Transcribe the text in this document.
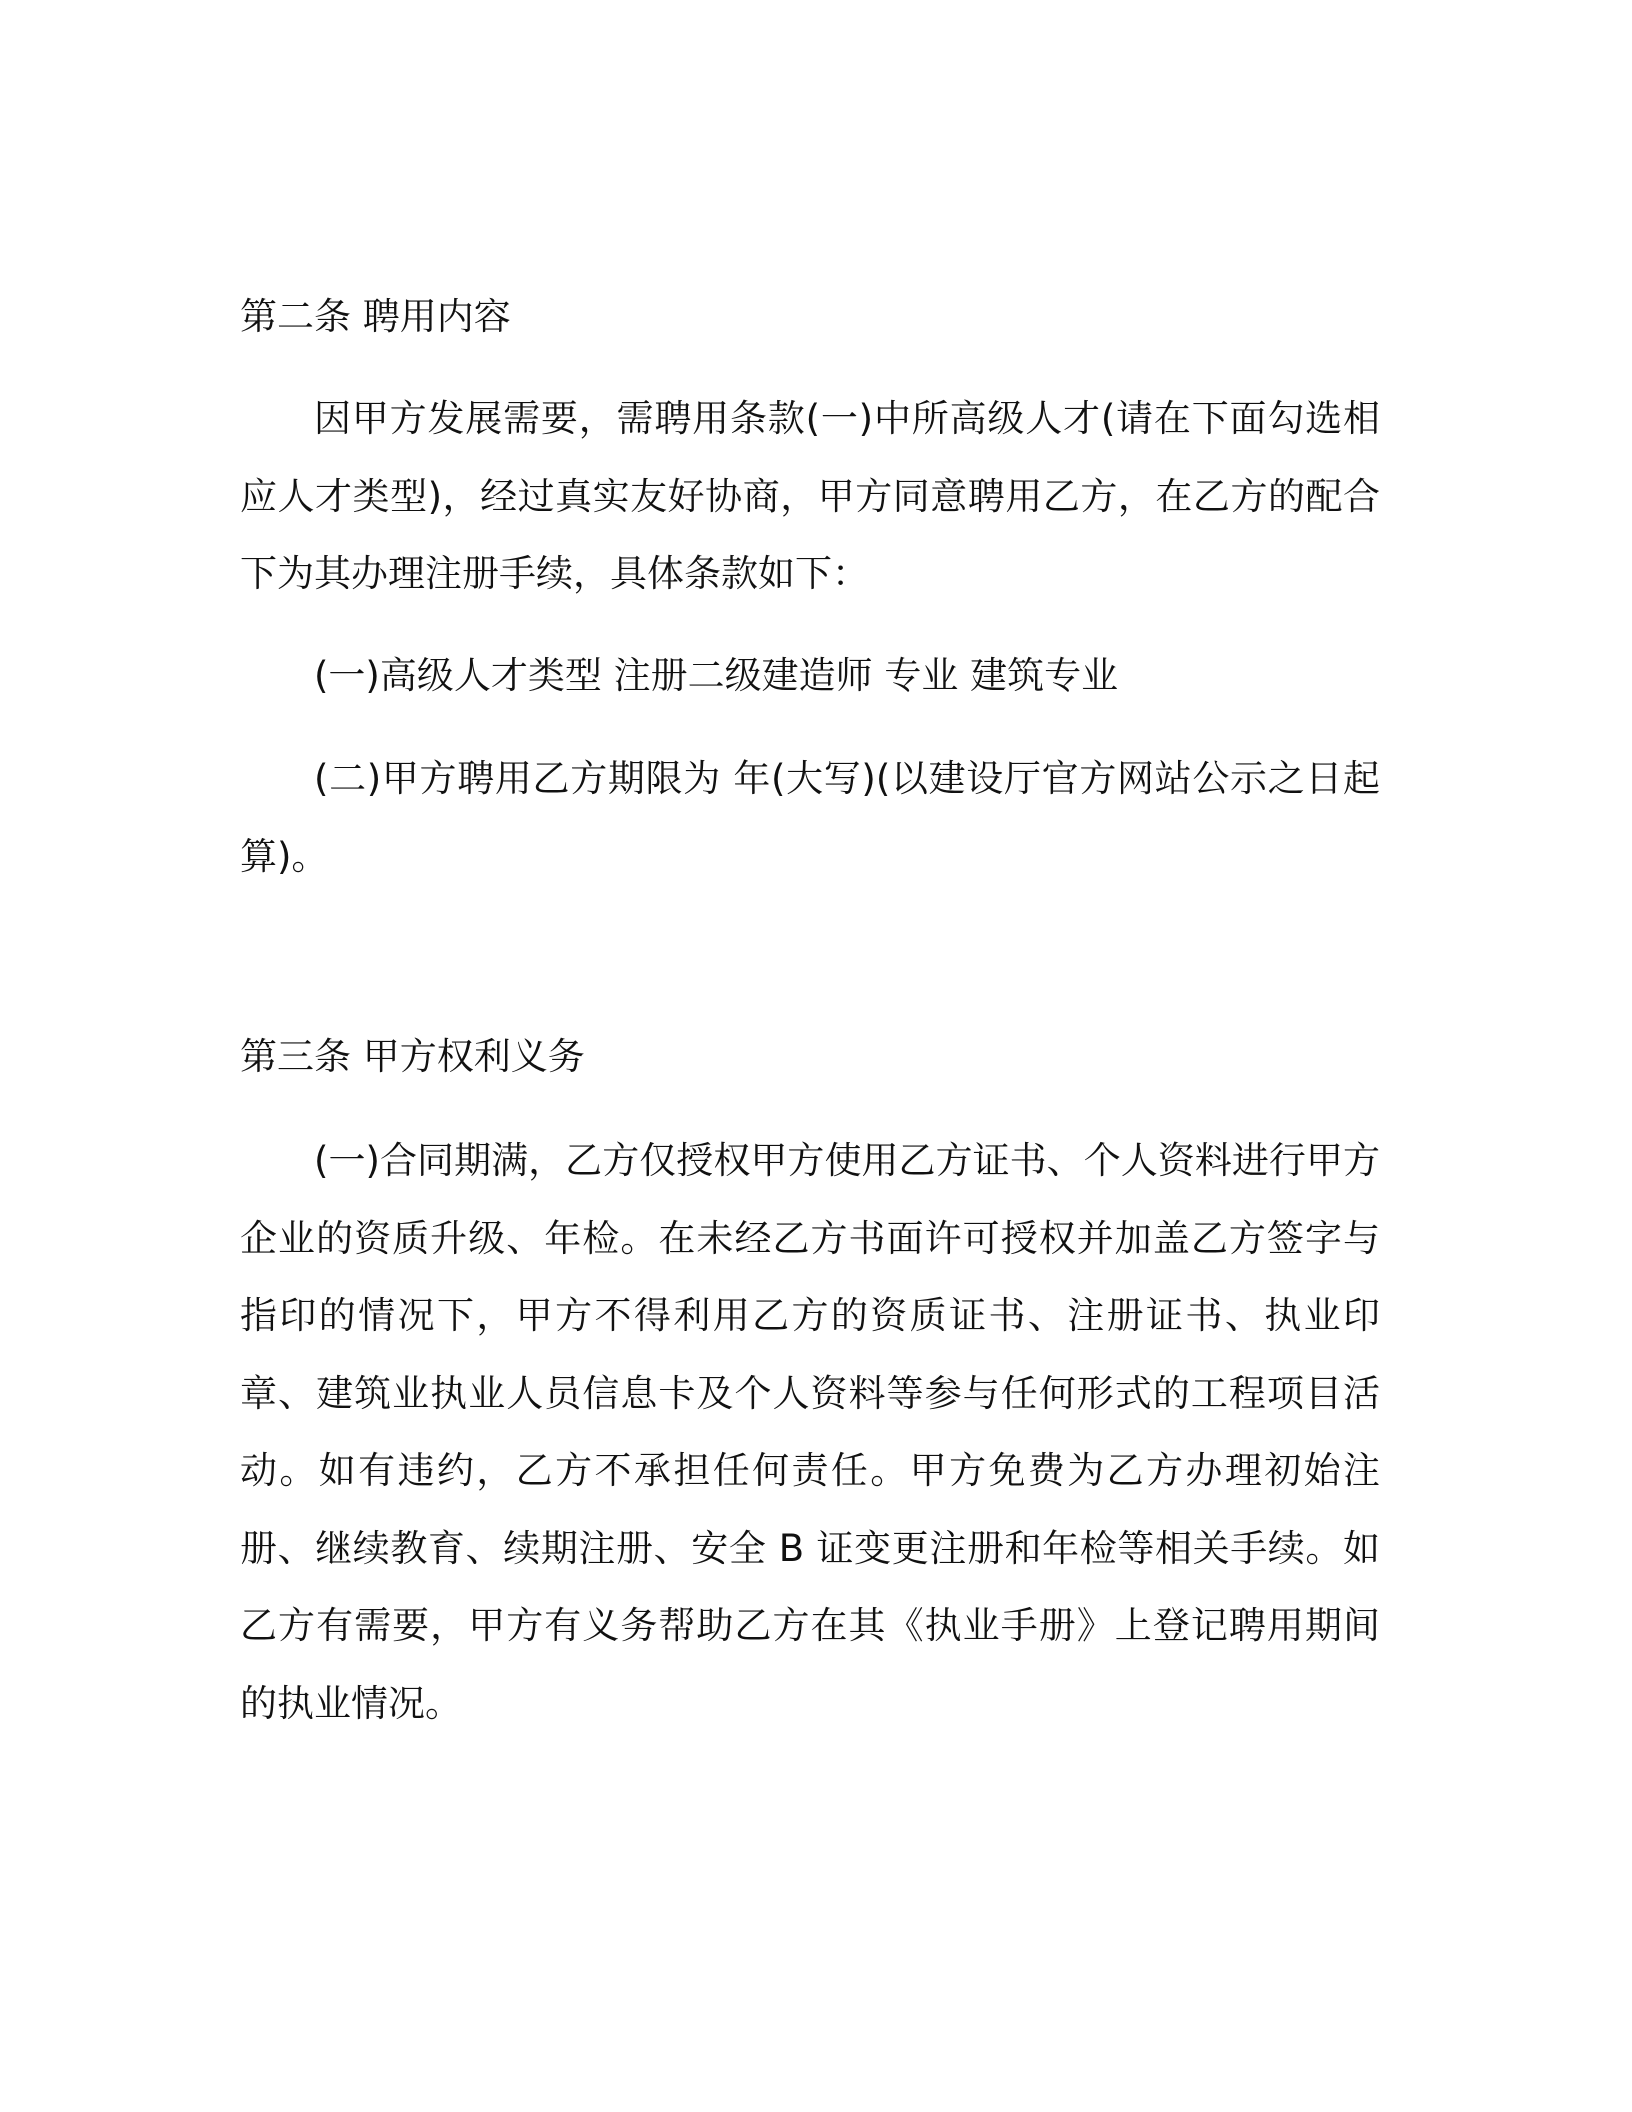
第二条 聘用内容

因甲方发展需要，需聘用条款(一)中所高级人才(请在下面勾选相应人才类型)，经过真实友好协商，甲方同意聘用乙方，在乙方的配合下为其办理注册手续，具体条款如下：

(一)高级人才类型 注册二级建造师 专业 建筑专业

(二)甲方聘用乙方期限为 年(大写)(以建设厅官方网站公示之日起算)。

第三条 甲方权利义务

(一)合同期满，乙方仅授权甲方使用乙方证书、个人资料进行甲方企业的资质升级、年检。在未经乙方书面许可授权并加盖乙方签字与指印的情况下，甲方不得利用乙方的资质证书、注册证书、执业印章、建筑业执业人员信息卡及个人资料等参与任何形式的工程项目活动。如有违约，乙方不承担任何责任。甲方免费为乙方办理初始注册、继续教育、续期注册、安全 B 证变更注册和年检等相关手续。如乙方有需要，甲方有义务帮助乙方在其《执业手册》上登记聘用期间的执业情况。
